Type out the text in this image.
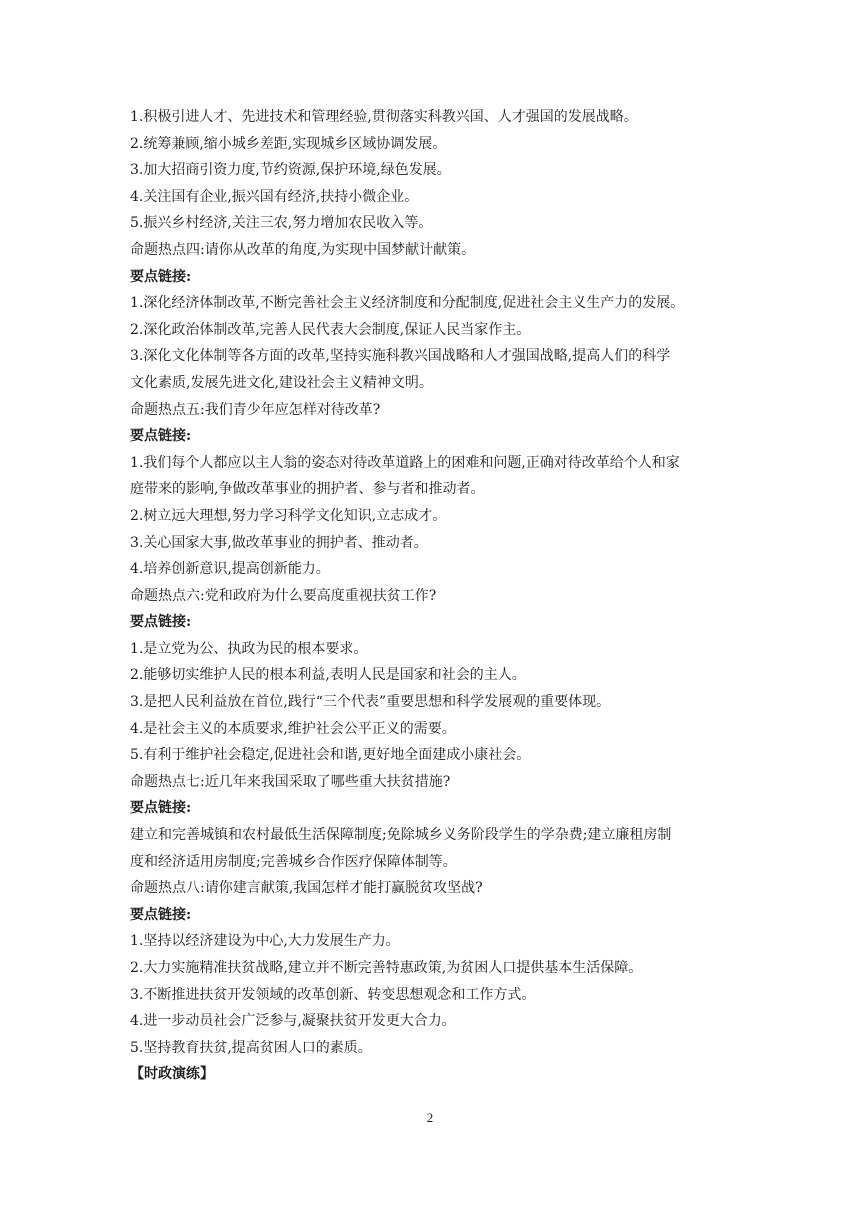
1.积极引进人才、先进技术和管理经验,贯彻落实科教兴国、人才强国的发展战略。
2.统筹兼顾,缩小城乡差距,实现城乡区域协调发展。
3.加大招商引资力度,节约资源,保护环境,绿色发展。
4.关注国有企业,振兴国有经济,扶持小微企业。
5.振兴乡村经济,关注三农,努力增加农民收入等。
命题热点四:请你从改革的角度,为实现中国梦献计献策。
要点链接:
1.深化经济体制改革,不断完善社会主义经济制度和分配制度,促进社会主义生产力的发展。
2.深化政治体制改革,完善人民代表大会制度,保证人民当家作主。
3.深化文化体制等各方面的改革,坚持实施科教兴国战略和人才强国战略,提高人们的科学
文化素质,发展先进文化,建设社会主义精神文明。
命题热点五:我们青少年应怎样对待改革?
要点链接:
1.我们每个人都应以主人翁的姿态对待改革道路上的困难和问题,正确对待改革给个人和家
庭带来的影响,争做改革事业的拥护者、参与者和推动者。
2.树立远大理想,努力学习科学文化知识,立志成才。
3.关心国家大事,做改革事业的拥护者、推动者。
4.培养创新意识,提高创新能力。
命题热点六:党和政府为什么要高度重视扶贫工作?
要点链接:
1.是立党为公、执政为民的根本要求。
2.能够切实维护人民的根本利益,表明人民是国家和社会的主人。
3.是把人民利益放在首位,践行“三个代表”重要思想和科学发展观的重要体现。
4.是社会主义的本质要求,维护社会公平正义的需要。
5.有利于维护社会稳定,促进社会和谐,更好地全面建成小康社会。
命题热点七:近几年来我国采取了哪些重大扶贫措施?
要点链接:
建立和完善城镇和农村最低生活保障制度;免除城乡义务阶段学生的学杂费;建立廉租房制
度和经济适用房制度;完善城乡合作医疗保障体制等。
命题热点八:请你建言献策,我国怎样才能打赢脱贫攻坚战?
要点链接:
1.坚持以经济建设为中心,大力发展生产力。
2.大力实施精准扶贫战略,建立并不断完善特惠政策,为贫困人口提供基本生活保障。
3.不断推进扶贫开发领域的改革创新、转变思想观念和工作方式。
4.进一步动员社会广泛参与,凝聚扶贫开发更大合力。
5.坚持教育扶贫,提高贫困人口的素质。
【时政演练】
2
